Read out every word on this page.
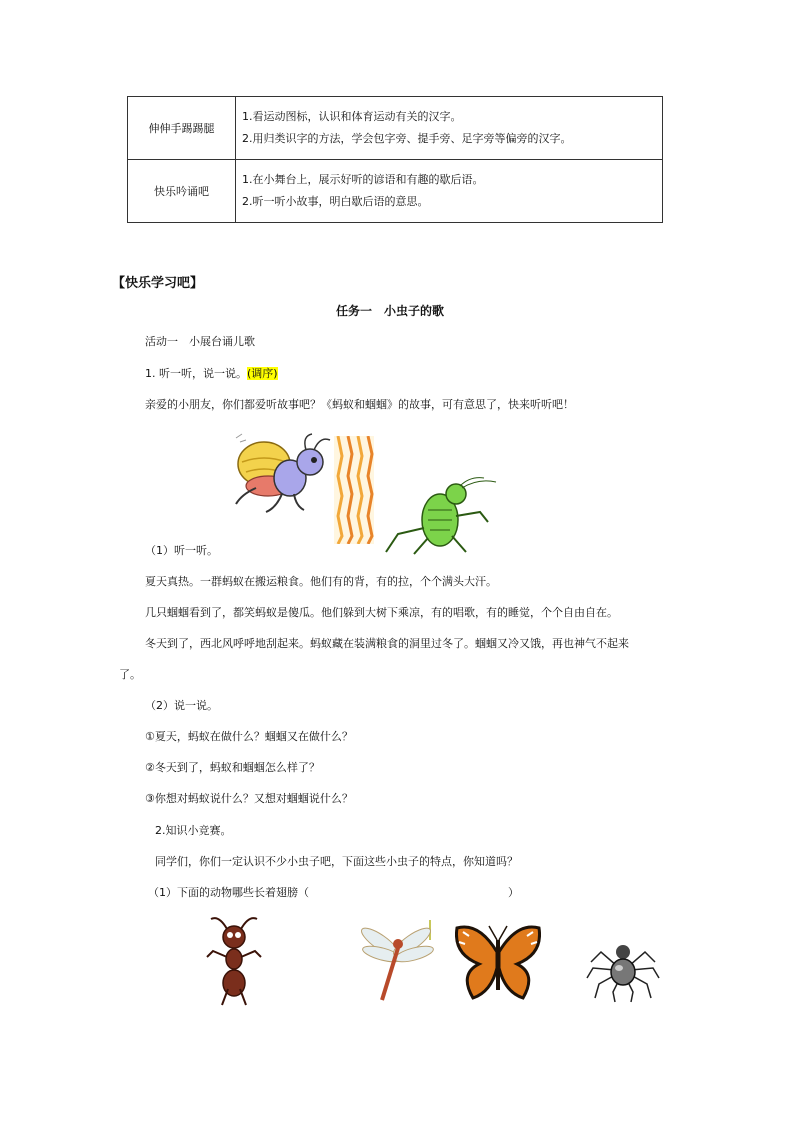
伸伸手踢踢腿	1.看运动图标，认识和体育运动有关的汉字。
2.用归类识字的方法，学会包字旁、提手旁、足字旁等偏旁的汉字。

快乐吟诵吧	1.在小舞台上，展示好听的谚语和有趣的歇后语。
2.听一听小故事，明白歇后语的意思。
【快乐学习吧】
任务一　小虫子的歌
活动一　小展台诵儿歌
1. 听一听，说一说。(调序)
亲爱的小朋友，你们都爱听故事吧？《蚂蚁和蝈蝈》的故事，可有意思了，快来听听吧！
（1）听一听。
夏天真热。一群蚂蚁在搬运粮食。他们有的背，有的拉，个个满头大汗。
几只蝈蝈看到了，都笑蚂蚁是傻瓜。他们躲到大树下乘凉，有的唱歌，有的睡觉，个个自由自在。
冬天到了，西北风呼呼地刮起来。蚂蚁藏在装满粮食的洞里过冬了。蝈蝈又冷又饿，再也神气不起来
了。
（2）说一说。
①夏天，蚂蚁在做什么？蝈蝈又在做什么？
②冬天到了，蚂蚁和蝈蝈怎么样了？
③你想对蚂蚁说什么？又想对蝈蝈说什么？
2.知识小竞赛。
同学们，你们一定认识不少小虫子吧，下面这些小虫子的特点，你知道吗？
（1）下面的动物哪些长着翅膀（	）
